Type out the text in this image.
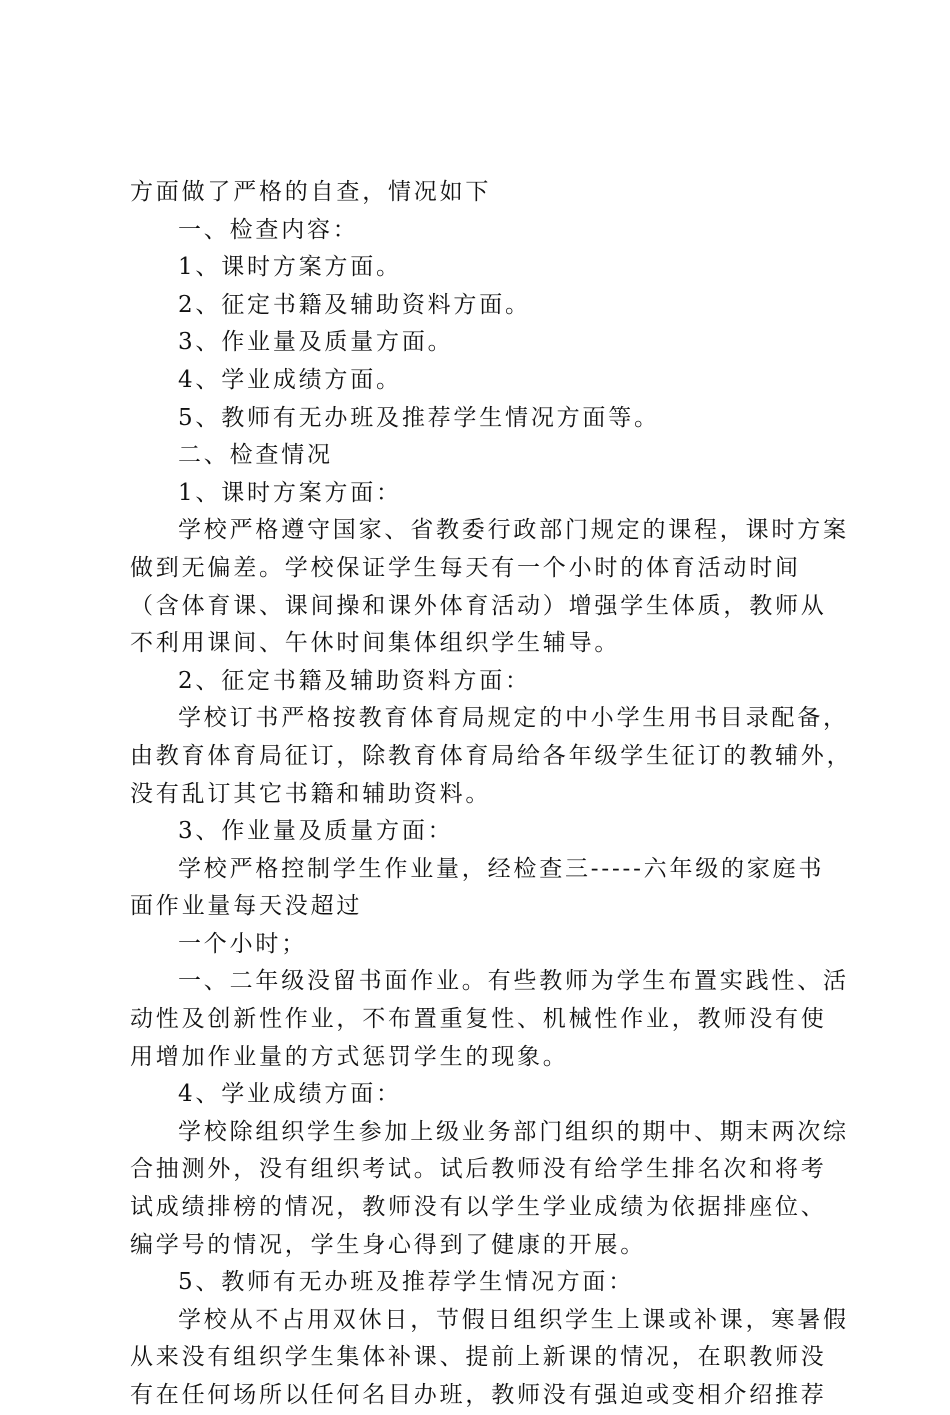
方面做了严格的自查，情况如下
一、检查内容：
1、课时方案方面。
2、征定书籍及辅助资料方面。
3、作业量及质量方面。
4、学业成绩方面。
5、教师有无办班及推荐学生情况方面等。
二、检查情况
1、课时方案方面：
学校严格遵守国家、省教委行政部门规定的课程，课时方案
做到无偏差。学校保证学生每天有一个小时的体育活动时间
（含体育课、课间操和课外体育活动）增强学生体质，教师从
不利用课间、午休时间集体组织学生辅导。
2、征定书籍及辅助资料方面：
学校订书严格按教育体育局规定的中小学生用书目录配备，
由教育体育局征订，除教育体育局给各年级学生征订的教辅外，
没有乱订其它书籍和辅助资料。
3、作业量及质量方面：
学校严格控制学生作业量，经检查三-----六年级的家庭书
面作业量每天没超过
一个小时；
一、二年级没留书面作业。有些教师为学生布置实践性、活
动性及创新性作业，不布置重复性、机械性作业，教师没有使
用增加作业量的方式惩罚学生的现象。
4、学业成绩方面：
学校除组织学生参加上级业务部门组织的期中、期末两次综
合抽测外，没有组织考试。试后教师没有给学生排名次和将考
试成绩排榜的情况，教师没有以学生学业成绩为依据排座位、
编学号的情况，学生身心得到了健康的开展。
5、教师有无办班及推荐学生情况方面：
学校从不占用双休日，节假日组织学生上课或补课，寒暑假
从来没有组织学生集体补课、提前上新课的情况，在职教师没
有在任何场所以任何名目办班，教师没有强迫或变相介绍推荐
